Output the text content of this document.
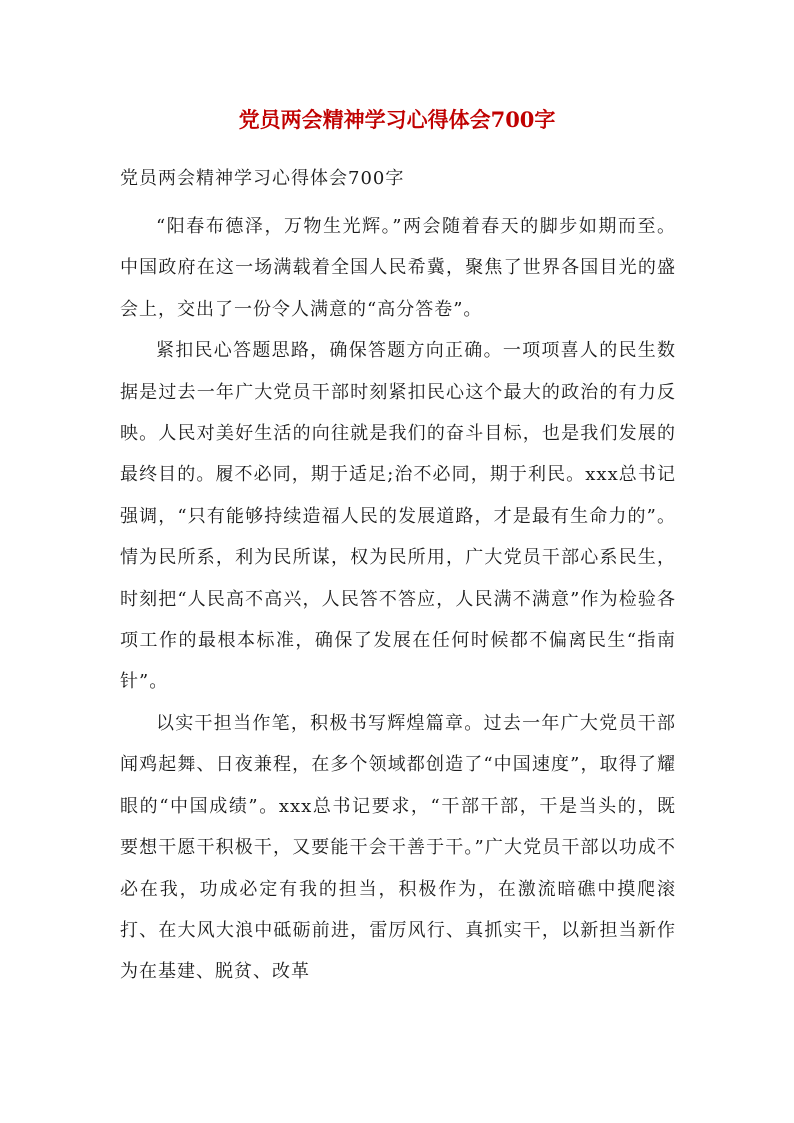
党员两会精神学习心得体会700字
党员两会精神学习心得体会700字

“阳春布德泽，万物生光辉。”两会随着春天的脚步如期而至。中国政府在这一场满载着全国人民希冀，聚焦了世界各国目光的盛会上，交出了一份令人满意的“高分答卷”。

紧扣民心答题思路，确保答题方向正确。一项项喜人的民生数据是过去一年广大党员干部时刻紧扣民心这个最大的政治的有力反映。人民对美好生活的向往就是我们的奋斗目标，也是我们发展的最终目的。履不必同，期于适足;治不必同，期于利民。xxx总书记强调，“只有能够持续造福人民的发展道路，才是最有生命力的”。情为民所系，利为民所谋，权为民所用，广大党员干部心系民生，时刻把“人民高不高兴，人民答不答应，人民满不满意”作为检验各项工作的最根本标准，确保了发展在任何时候都不偏离民生“指南针”。

以实干担当作笔，积极书写辉煌篇章。过去一年广大党员干部闻鸡起舞、日夜兼程，在多个领域都创造了“中国速度”，取得了耀眼的“中国成绩”。xxx总书记要求，“干部干部，干是当头的，既要想干愿干积极干，又要能干会干善于干。”广大党员干部以功成不必在我，功成必定有我的担当，积极作为，在激流暗礁中摸爬滚打、在大风大浪中砥砺前进，雷厉风行、真抓实干，以新担当新作为在基建、脱贫、改革
